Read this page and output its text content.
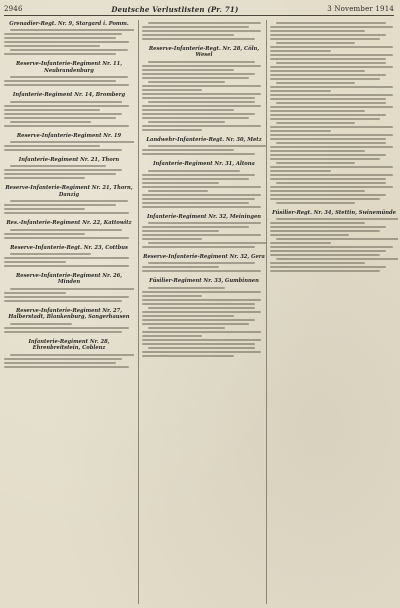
2946	Deutsche Verlustlisten (Pr. 71)	3 November 1914
Grenadier-Regt. Nr. 9, Stargard i. Pomm.
Reserve-Infanterie-Regiment Nr. 11, Neubrandenburg
Infanterie-Regiment Nr. 14, Bromberg
Reserve-Infanterie-Regiment Nr. 19
Infanterie-Regiment Nr. 21, Thorn
Reserve-Infanterie-Regiment Nr. 21, Thorn, Danzig
Res.-Infanterie-Regiment Nr. 22, Kattowitz
Reserve-Infanterie-Regt. Nr. 23, Cottbus
Reserve-Infanterie-Regiment Nr. 26, Minden
Reserve-Infanterie-Regiment Nr. 27, Halberstadt, Blankenburg, Sangerhausen
Infanterie-Regiment Nr. 28, Ehrenbreitstein, Coblenz
Reserve-Infanterie-Regt. Nr. 28, Cöln, Wesel
Landwehr-Infanterie-Regt. Nr. 30, Metz
Infanterie-Regiment Nr. 31, Altona
Infanterie-Regiment Nr. 32, Meiningen
Reserve-Infanterie-Regiment Nr. 32, Gera
Füsilier-Regiment Nr. 33, Gumbinnen
Füsilier-Regt. Nr. 34, Stettin, Swinemünde
